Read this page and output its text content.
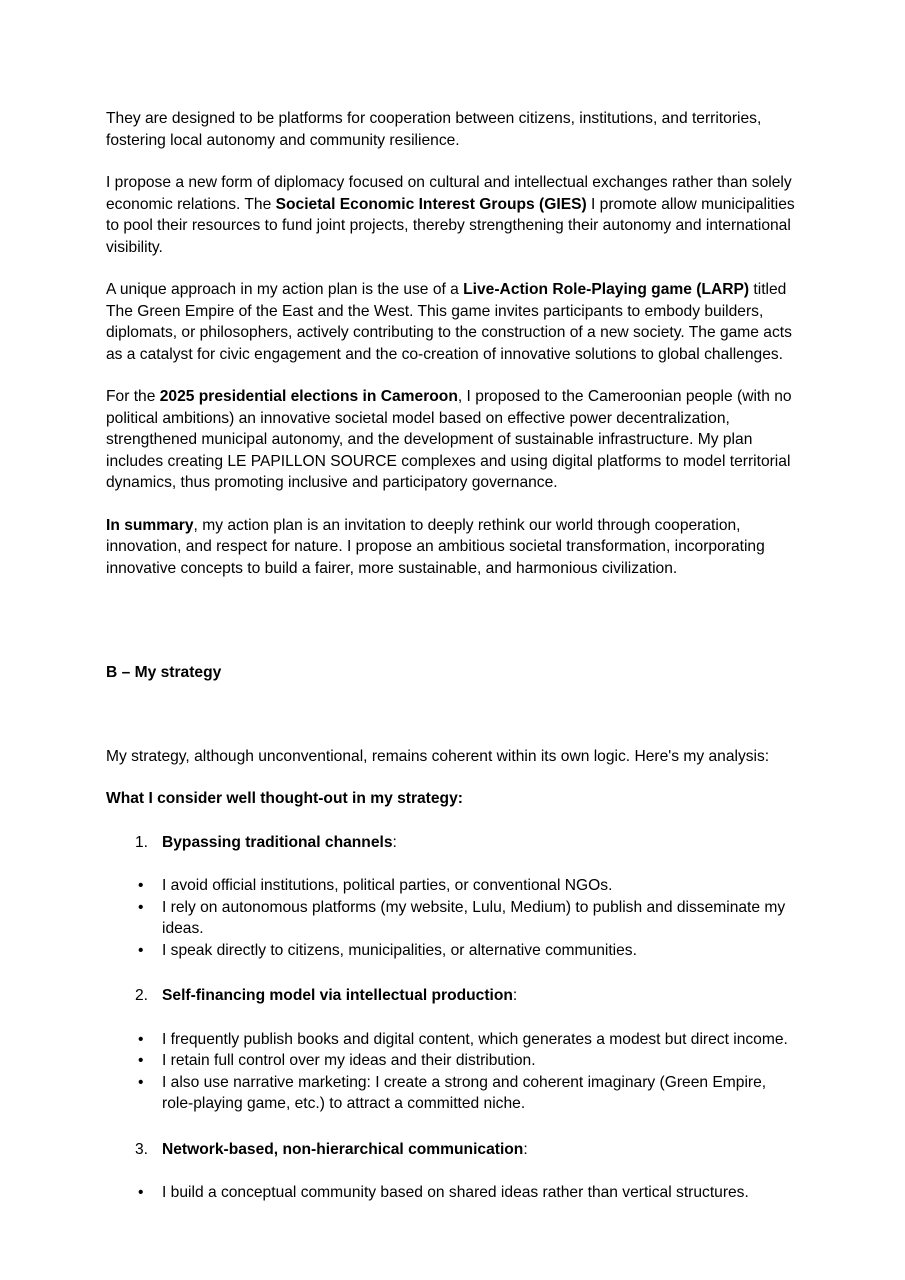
They are designed to be platforms for cooperation between citizens, institutions, and territories, fostering local autonomy and community resilience.

I propose a new form of diplomacy focused on cultural and intellectual exchanges rather than solely economic relations. The Societal Economic Interest Groups (GIES) I promote allow municipalities to pool their resources to fund joint projects, thereby strengthening their autonomy and international visibility.

A unique approach in my action plan is the use of a Live-Action Role-Playing game (LARP) titled The Green Empire of the East and the West. This game invites participants to embody builders, diplomats, or philosophers, actively contributing to the construction of a new society. The game acts as a catalyst for civic engagement and the co-creation of innovative solutions to global challenges.

For the 2025 presidential elections in Cameroon, I proposed to the Cameroonian people (with no political ambitions) an innovative societal model based on effective power decentralization, strengthened municipal autonomy, and the development of sustainable infrastructure. My plan includes creating LE PAPILLON SOURCE complexes and using digital platforms to model territorial dynamics, thus promoting inclusive and participatory governance.

In summary, my action plan is an invitation to deeply rethink our world through cooperation, innovation, and respect for nature. I propose an ambitious societal transformation, incorporating innovative concepts to build a fairer, more sustainable, and harmonious civilization.

B – My strategy

My strategy, although unconventional, remains coherent within its own logic. Here's my analysis:

What I consider well thought-out in my strategy:

1. Bypassing traditional channels:
• I avoid official institutions, political parties, or conventional NGOs.
• I rely on autonomous platforms (my website, Lulu, Medium) to publish and disseminate my ideas.
• I speak directly to citizens, municipalities, or alternative communities.
2. Self-financing model via intellectual production:
• I frequently publish books and digital content, which generates a modest but direct income.
• I retain full control over my ideas and their distribution.
• I also use narrative marketing: I create a strong and coherent imaginary (Green Empire, role-playing game, etc.) to attract a committed niche.
3. Network-based, non-hierarchical communication:
• I build a conceptual community based on shared ideas rather than vertical structures.
